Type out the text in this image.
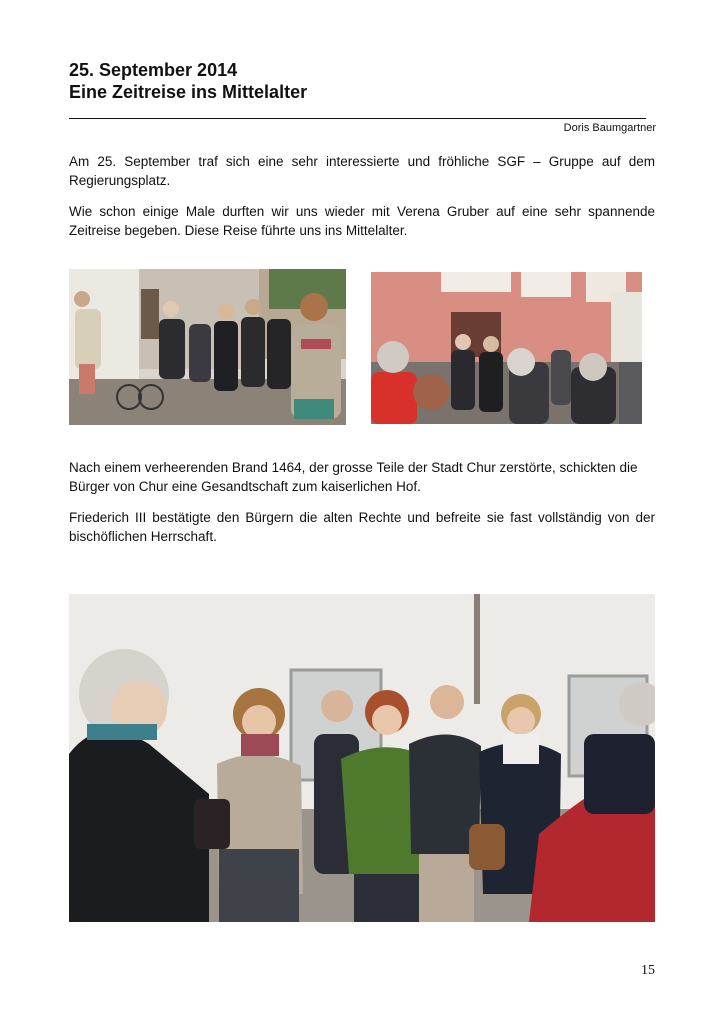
25. September 2014
Eine Zeitreise ins Mittelalter
Doris Baumgartner

Am 25. September traf sich eine sehr interessierte und fröhliche SGF – Gruppe auf dem Regierungsplatz.

Wie schon einige Male durften wir uns wieder mit Verena Gruber auf eine sehr spannende Zeitreise begeben. Diese Reise führte uns ins Mittelalter.

Nach einem verheerenden Brand 1464, der grosse Teile der Stadt Chur zerstörte, schickten die Bürger von Chur eine Gesandtschaft zum kaiserlichen Hof.

Friederich III bestätigte den Bürgern die alten Rechte und befreite sie fast vollständig von der bischöflichen Herrschaft.

15
